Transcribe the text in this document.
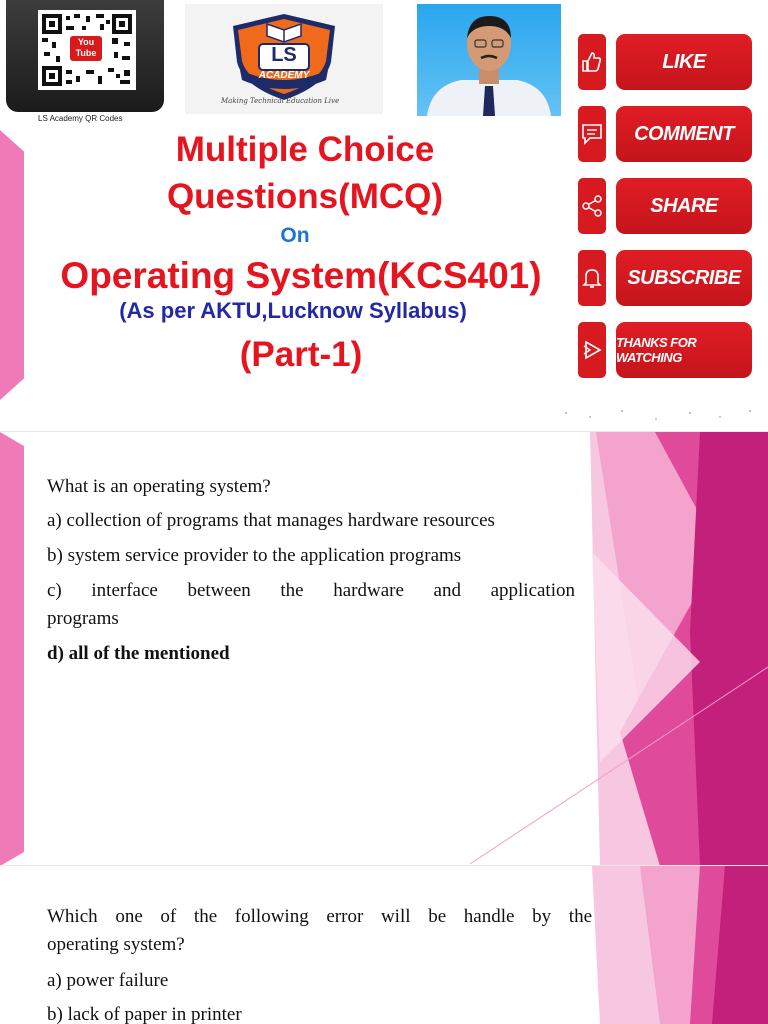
You Tube
LS Academy QR Codes
LS
ACADEMY
Making Technical Education Live
Multiple Choice
Questions(MCQ)
On
Operating System(KCS401)
(As per AKTU,Lucknow Syllabus)
(Part-1)
LIKE
COMMENT
SHARE
SUBSCRIBE
THANKS FOR WATCHING

What is an operating system?

a) collection of programs that manages hardware resources

b) system service provider to the application programs

c) interface between the hardware and application

programs

d) all of the mentioned

Which one of the following error will be handle by the

operating system?

a) power failure

b) lack of paper in printer
